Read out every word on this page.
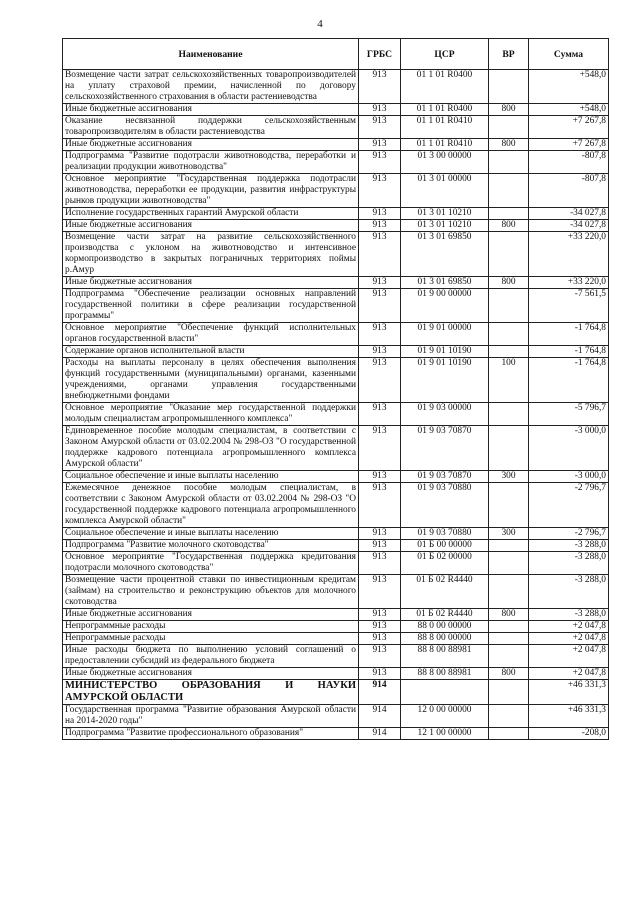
4
Наименование	ГРБС	ЦСР	ВР	Сумма
Возмещение части затрат сельскохозяйственных товаропроизводителей на уплату страховой премии, начисленной по договору сельскохозяйственного страхования в области растениеводства	913	01 1 01 R0400		+548,0
Иные бюджетные ассигнования	913	01 1 01 R0400	800	+548,0
Оказание несвязанной поддержки сельскохозяйственным товаропроизводителям в области растениеводства	913	01 1 01 R0410		+7 267,8
Иные бюджетные ассигнования	913	01 1 01 R0410	800	+7 267,8
Подпрограмма "Развитие подотрасли животноводства, переработки и реализации продукции животноводства"	913	01 3 00 00000		-807,8
Основное мероприятие "Государственная поддержка подотрасли животноводства, переработки ее продукции, развития инфраструктуры рынков продукции животноводства"	913	01 3 01 00000		-807,8
Исполнение государственных гарантий Амурской области	913	01 3 01 10210		-34 027,8
Иные бюджетные ассигнования	913	01 3 01 10210	800	-34 027,8
Возмещение части затрат на развитие сельскохозяйственного производства с уклоном на животноводство и интенсивное кормопроизводство в закрытых пограничных территориях поймы р.Амур	913	01 3 01 69850		+33 220,0
Иные бюджетные ассигнования	913	01 3 01 69850	800	+33 220,0
Подпрограмма "Обеспечение реализации основных направлений государственной политики в сфере реализации государственной программы"	913	01 9 00 00000		-7 561,5
Основное мероприятие "Обеспечение функций исполнительных органов государственной власти"	913	01 9 01 00000		-1 764,8
Содержание органов исполнительной власти	913	01 9 01 10190		-1 764,8
Расходы на выплаты персоналу в целях обеспечения выполнения функций государственными (муниципальными) органами, казенными учреждениями, органами управления государственными внебюджетными фондами	913	01 9 01 10190	100	-1 764,8
Основное мероприятие "Оказание мер государственной поддержки молодым специалистам агропромышленного комплекса"	913	01 9 03 00000		-5 796,7
Единовременное пособие молодым специалистам, в соответствии с Законом Амурской области от 03.02.2004 № 298-ОЗ "О государственной поддержке кадрового потенциала агропромышленного комплекса Амурской области"	913	01 9 03 70870		-3 000,0
Социальное обеспечение и иные выплаты населению	913	01 9 03 70870	300	-3 000,0
Ежемесячное денежное пособие молодым специалистам, в соответствии с Законом Амурской области от 03.02.2004 № 298-ОЗ "О государственной поддержке кадрового потенциала агропромышленного комплекса Амурской области"	913	01 9 03 70880		-2 796,7
Социальное обеспечение и иные выплаты населению	913	01 9 03 70880	300	-2 796,7
Подпрограмма "Развитие молочного скотоводства"	913	01 Б 00 00000		-3 288,0
Основное мероприятие "Государственная поддержка кредитования подотрасли молочного скотоводства"	913	01 Б 02 00000		-3 288,0
Возмещение части процентной ставки по инвестиционным кредитам (займам) на строительство и реконструкцию объектов для молочного скотоводства	913	01 Б 02 R4440		-3 288,0
Иные бюджетные ассигнования	913	01 Б 02 R4440	800	-3 288,0
Непрограммные расходы	913	88 0 00 00000		+2 047,8
Непрограммные расходы	913	88 8 00 00000		+2 047,8
Иные расходы бюджета по выполнению условий соглашений о предоставлении субсидий из федерального бюджета	913	88 8 00 88981		+2 047,8
Иные бюджетные ассигнования	913	88 8 00 88981	800	+2 047,8
МИНИСТЕРСТВО ОБРАЗОВАНИЯ И НАУКИ АМУРСКОЙ ОБЛАСТИ	914			+46 331,3
Государственная программа "Развитие образования Амурской области на 2014-2020 годы"	914	12 0 00 00000		+46 331,3
Подпрограмма "Развитие профессионального образования"	914	12 1 00 00000		-208,0
